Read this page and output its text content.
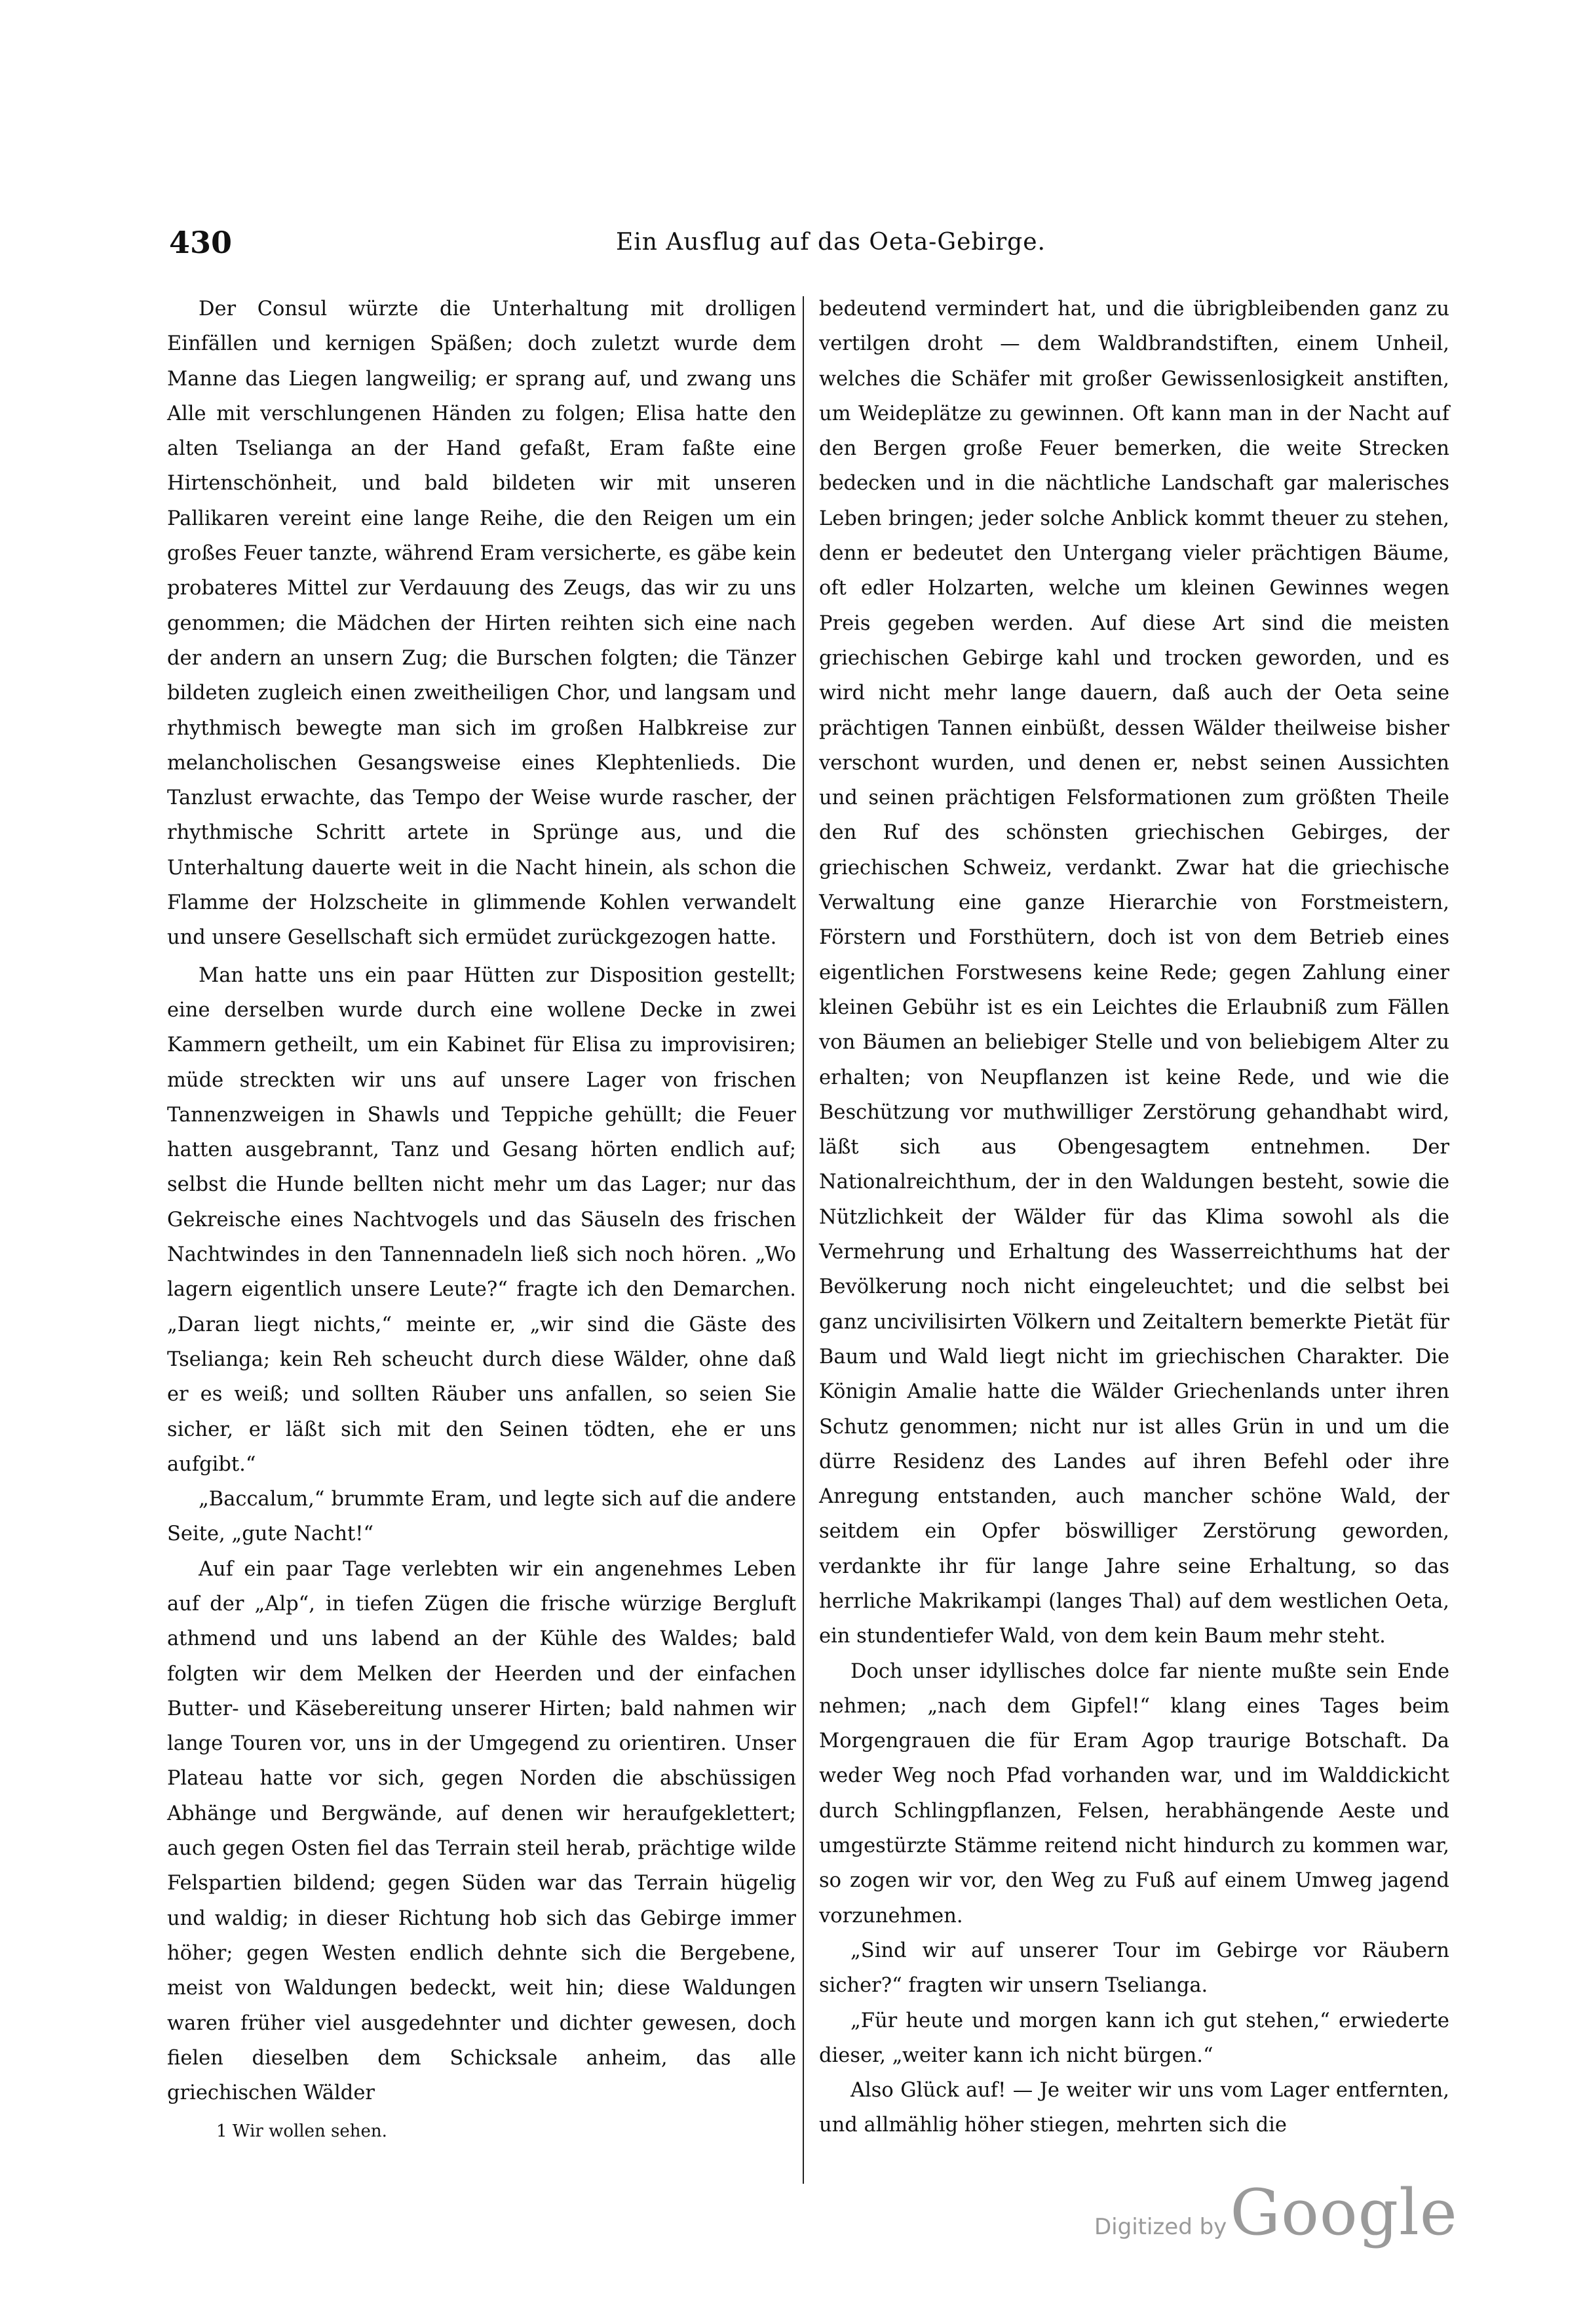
430	Ein Ausflug auf das Oeta-Gebirge.

Der Consul würzte die Unterhaltung mit drolligen Einfällen und kernigen Späßen; doch zuletzt wurde dem Manne das Liegen langweilig; er sprang auf, und zwang uns Alle mit verschlungenen Händen zu folgen; Elisa hatte den alten Tseliangа an der Hand gefaßt, Eram faßte eine Hirtenschönheit, und bald bildeten wir mit unseren Pallikaren vereint eine lange Reihe, die den Reigen um ein großes Feuer tanzte, während Eram versicherte, es gäbe kein probateres Mittel zur Verdauung des Zeugs, das wir zu uns genommen; die Mädchen der Hirten reihten sich eine nach der andern an unsern Zug; die Burschen folgten; die Tänzer bildeten zugleich einen zweitheiligen Chor, und langsam und rhythmisch bewegte man sich im großen Halbkreise zur melancholischen Gesangsweise eines Klephtenlieds. Die Tanzlust erwachte, das Tempo der Weise wurde rascher, der rhythmische Schritt artete in Sprünge aus, und die Unterhaltung dauerte weit in die Nacht hinein, als schon die Flamme der Holzscheite in glimmende Kohlen verwandelt und unsere Gesellschaft sich ermüdet zurückgezogen hatte.

Man hatte uns ein paar Hütten zur Disposition gestellt; eine derselben wurde durch eine wollene Decke in zwei Kammern getheilt, um ein Kabinet für Elisa zu improvisiren; müde streckten wir uns auf unsere Lager von frischen Tannenzweigen in Shawls und Teppiche gehüllt; die Feuer hatten ausgebrannt, Tanz und Gesang hörten endlich auf; selbst die Hunde bellten nicht mehr um das Lager; nur das Gekreische eines Nachtvogels und das Säuseln des frischen Nachtwindes in den Tannennadeln ließ sich noch hören. „Wo lagern eigentlich unsere Leute?“ fragte ich den Demarchen. „Daran liegt nichts,“ meinte er, „wir sind die Gäste des Tseliangа; kein Reh scheucht durch diese Wälder, ohne daß er es weiß; und sollten Räuber uns anfallen, so seien Sie sicher, er läßt sich mit den Seinen tödten, ehe er uns aufgibt.“

„Baccalum,“ brummte Eram, und legte sich auf die andere Seite, „gute Nacht!“

Auf ein paar Tage verlebten wir ein angenehmes Leben auf der „Alp“, in tiefen Zügen die frische würzige Bergluft athmend und uns labend an der Kühle des Waldes; bald folgten wir dem Melken der Heerden und der einfachen Butter- und Käsebereitung unserer Hirten; bald nahmen wir lange Touren vor, uns in der Umgegend zu orientiren. Unser Plateau hatte vor sich, gegen Norden die abschüssigen Abhänge und Bergwände, auf denen wir heraufgeklettert; auch gegen Osten fiel das Terrain steil herab, prächtige wilde Felspartien bildend; gegen Süden war das Terrain hügelig und waldig; in dieser Richtung hob sich das Gebirge immer höher; gegen Westen endlich dehnte sich die Bergebene, meist von Waldungen bedeckt, weit hin; diese Waldungen waren früher viel ausgedehnter und dichter gewesen, doch fielen dieselben dem Schicksale anheim, das alle griechischen Wälder

bedeutend vermindert hat, und die übrigbleibenden ganz zu vertilgen droht — dem Waldbrandstiften, einem Unheil, welches die Schäfer mit großer Gewissenlosigkeit anstiften, um Weideplätze zu gewinnen. Oft kann man in der Nacht auf den Bergen große Feuer bemerken, die weite Strecken bedecken und in die nächtliche Landschaft gar malerisches Leben bringen; jeder solche Anblick kommt theuer zu stehen, denn er bedeutet den Untergang vieler prächtigen Bäume, oft edler Holzarten, welche um kleinen Gewinnes wegen Preis gegeben werden. Auf diese Art sind die meisten griechischen Gebirge kahl und trocken geworden, und es wird nicht mehr lange dauern, daß auch der Oeta seine prächtigen Tannen einbüßt, dessen Wälder theilweise bisher verschont wurden, und denen er, nebst seinen Aussichten und seinen prächtigen Felsformationen zum größten Theile den Ruf des schönsten griechischen Gebirges, der griechischen Schweiz, verdankt. Zwar hat die griechische Verwaltung eine ganze Hierarchie von Forstmeistern, Förstern und Forsthütern, doch ist von dem Betrieb eines eigentlichen Forstwesens keine Rede; gegen Zahlung einer kleinen Gebühr ist es ein Leichtes die Erlaubniß zum Fällen von Bäumen an beliebiger Stelle und von beliebigem Alter zu erhalten; von Neupflanzen ist keine Rede, und wie die Beschützung vor muthwilliger Zerstörung gehandhabt wird, läßt sich aus Obengesagtem entnehmen. Der Nationalreichthum, der in den Waldungen besteht, sowie die Nützlichkeit der Wälder für das Klima sowohl als die Vermehrung und Erhaltung des Wasserreichthums hat der Bevölkerung noch nicht eingeleuchtet; und die selbst bei ganz uncivilisirten Völkern und Zeitaltern bemerkte Pietät für Baum und Wald liegt nicht im griechischen Charakter. Die Königin Amalie hatte die Wälder Griechenlands unter ihren Schutz genommen; nicht nur ist alles Grün in und um die dürre Residenz des Landes auf ihren Befehl oder ihre Anregung entstanden, auch mancher schöne Wald, der seitdem ein Opfer böswilliger Zerstörung geworden, verdankte ihr für lange Jahre seine Erhaltung, so das herrliche Makrikampi (langes Thal) auf dem westlichen Oeta, ein stundentiefer Wald, von dem kein Baum mehr steht.

Doch unser idyllisches dolce far niente mußte sein Ende nehmen; „nach dem Gipfel!“ klang eines Tages beim Morgengrauen die für Eram Agop traurige Botschaft. Da weder Weg noch Pfad vorhanden war, und im Walddickicht durch Schlingpflanzen, Felsen, herabhängende Aeste und umgestürzte Stämme reitend nicht hindurch zu kommen war, so zogen wir vor, den Weg zu Fuß auf einem Umweg jagend vorzunehmen.

„Sind wir auf unserer Tour im Gebirge vor Räubern sicher?“ fragten wir unsern Tseliangа.

„Für heute und morgen kann ich gut stehen,“ erwiederte dieser, „weiter kann ich nicht bürgen.“

Also Glück auf! — Je weiter wir uns vom Lager entfernten, und allmählig höher stiegen, mehrten sich die

1 Wir wollen sehen.
Digitized by Google
